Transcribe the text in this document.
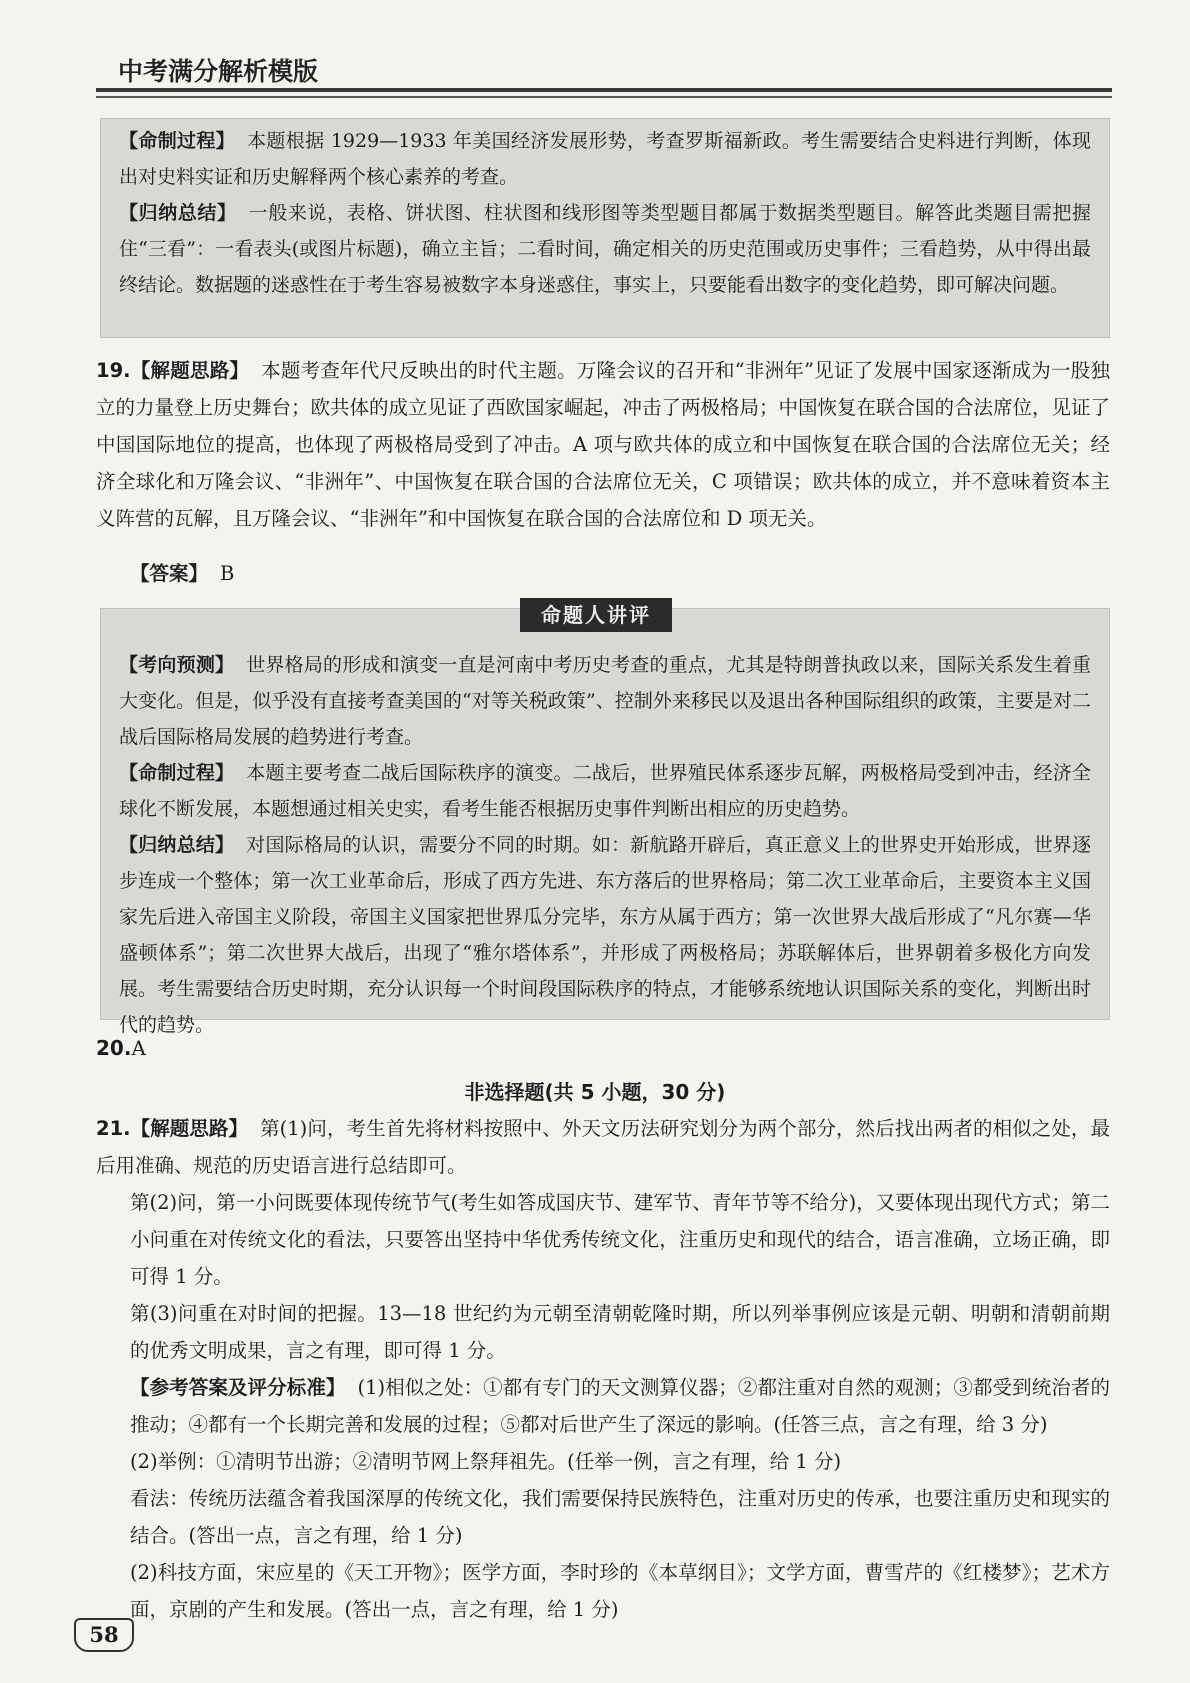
中考满分解析模版

【命制过程】 本题根据 1929—1933 年美国经济发展形势，考查罗斯福新政。考生需要结合史料进行判断，体现出对史料实证和历史解释两个核心素养的考查。

【归纳总结】 一般来说，表格、饼状图、柱状图和线形图等类型题目都属于数据类型题目。解答此类题目需把握住“三看”：一看表头(或图片标题)，确立主旨；二看时间，确定相关的历史范围或历史事件；三看趋势，从中得出最终结论。数据题的迷惑性在于考生容易被数字本身迷惑住，事实上，只要能看出数字的变化趋势，即可解决问题。

19.【解题思路】 本题考查年代尺反映出的时代主题。万隆会议的召开和“非洲年”见证了发展中国家逐渐成为一股独立的力量登上历史舞台；欧共体的成立见证了西欧国家崛起，冲击了两极格局；中国恢复在联合国的合法席位，见证了中国国际地位的提高，也体现了两极格局受到了冲击。A 项与欧共体的成立和中国恢复在联合国的合法席位无关；经济全球化和万隆会议、“非洲年”、中国恢复在联合国的合法席位无关，C 项错误；欧共体的成立，并不意味着资本主义阵营的瓦解，且万隆会议、“非洲年”和中国恢复在联合国的合法席位和 D 项无关。
【答案】 B

【考向预测】 世界格局的形成和演变一直是河南中考历史考查的重点，尤其是特朗普执政以来，国际关系发生着重大变化。但是，似乎没有直接考查美国的“对等关税政策”、控制外来移民以及退出各种国际组织的政策，主要是对二战后国际格局发展的趋势进行考查。

【命制过程】 本题主要考查二战后国际秩序的演变。二战后，世界殖民体系逐步瓦解，两极格局受到冲击，经济全球化不断发展，本题想通过相关史实，看考生能否根据历史事件判断出相应的历史趋势。

【归纳总结】 对国际格局的认识，需要分不同的时期。如：新航路开辟后，真正意义上的世界史开始形成，世界逐步连成一个整体；第一次工业革命后，形成了西方先进、东方落后的世界格局；第二次工业革命后，主要资本主义国家先后进入帝国主义阶段，帝国主义国家把世界瓜分完毕，东方从属于西方；第一次世界大战后形成了“凡尔赛—华盛顿体系”；第二次世界大战后，出现了“雅尔塔体系”，并形成了两极格局；苏联解体后，世界朝着多极化方向发展。考生需要结合历史时期，充分认识每一个时间段国际秩序的特点，才能够系统地认识国际关系的变化，判断出时代的趋势。

命题人讲评
20.A
非选择题(共 5 小题，30 分)

21.【解题思路】 第(1)问，考生首先将材料按照中、外天文历法研究划分为两个部分，然后找出两者的相似之处，最后用准确、规范的历史语言进行总结即可。

第(2)问，第一小问既要体现传统节气(考生如答成国庆节、建军节、青年节等不给分)，又要体现出现代方式；第二小问重在对传统文化的看法，只要答出坚持中华优秀传统文化，注重历史和现代的结合，语言准确，立场正确，即可得 1 分。

第(3)问重在对时间的把握。13—18 世纪约为元朝至清朝乾隆时期，所以列举事例应该是元朝、明朝和清朝前期的优秀文明成果，言之有理，即可得 1 分。

【参考答案及评分标准】 (1)相似之处：①都有专门的天文测算仪器；②都注重对自然的观测；③都受到统治者的推动；④都有一个长期完善和发展的过程；⑤都对后世产生了深远的影响。(任答三点，言之有理，给 3 分)

(2)举例：①清明节出游；②清明节网上祭拜祖先。(任举一例，言之有理，给 1 分)

看法：传统历法蕴含着我国深厚的传统文化，我们需要保持民族特色，注重对历史的传承，也要注重历史和现实的结合。(答出一点，言之有理，给 1 分)

(2)科技方面，宋应星的《天工开物》；医学方面，李时珍的《本草纲目》；文学方面，曹雪芹的《红楼梦》；艺术方面，京剧的产生和发展。(答出一点，言之有理，给 1 分)

58
